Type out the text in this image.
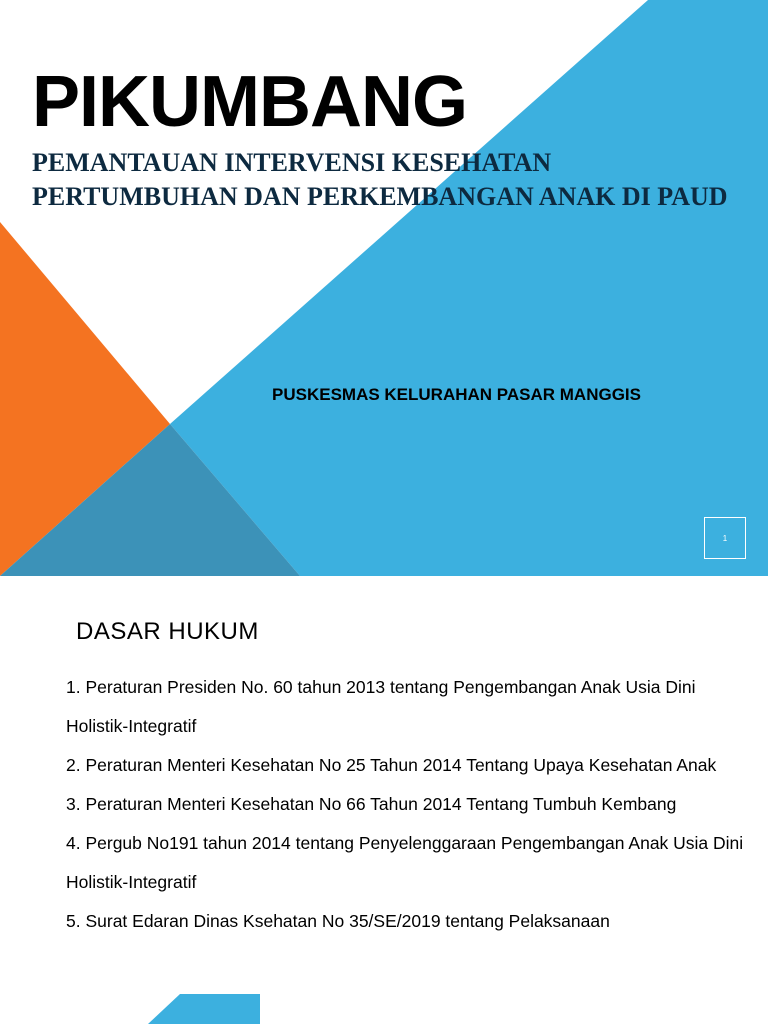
PIKUMBANG

PEMANTAUAN INTERVENSI KESEHATAN PERTUMBUHAN DAN PERKEMBANGAN ANAK DI PAUD

PUSKESMAS KELURAHAN PASAR MANGGIS

1
DASAR HUKUM
1. Peraturan Presiden No. 60 tahun 2013 tentang Pengembangan Anak Usia Dini Holistik-Integratif
2. Peraturan Menteri Kesehatan No 25 Tahun 2014 Tentang Upaya Kesehatan Anak
3. Peraturan Menteri Kesehatan No 66 Tahun 2014 Tentang Tumbuh Kembang
4. Pergub No191 tahun 2014 tentang Penyelenggaraan Pengembangan Anak Usia Dini Holistik-Integratif
5. Surat Edaran Dinas Ksehatan No 35/SE/2019 tentang Pelaksanaan
